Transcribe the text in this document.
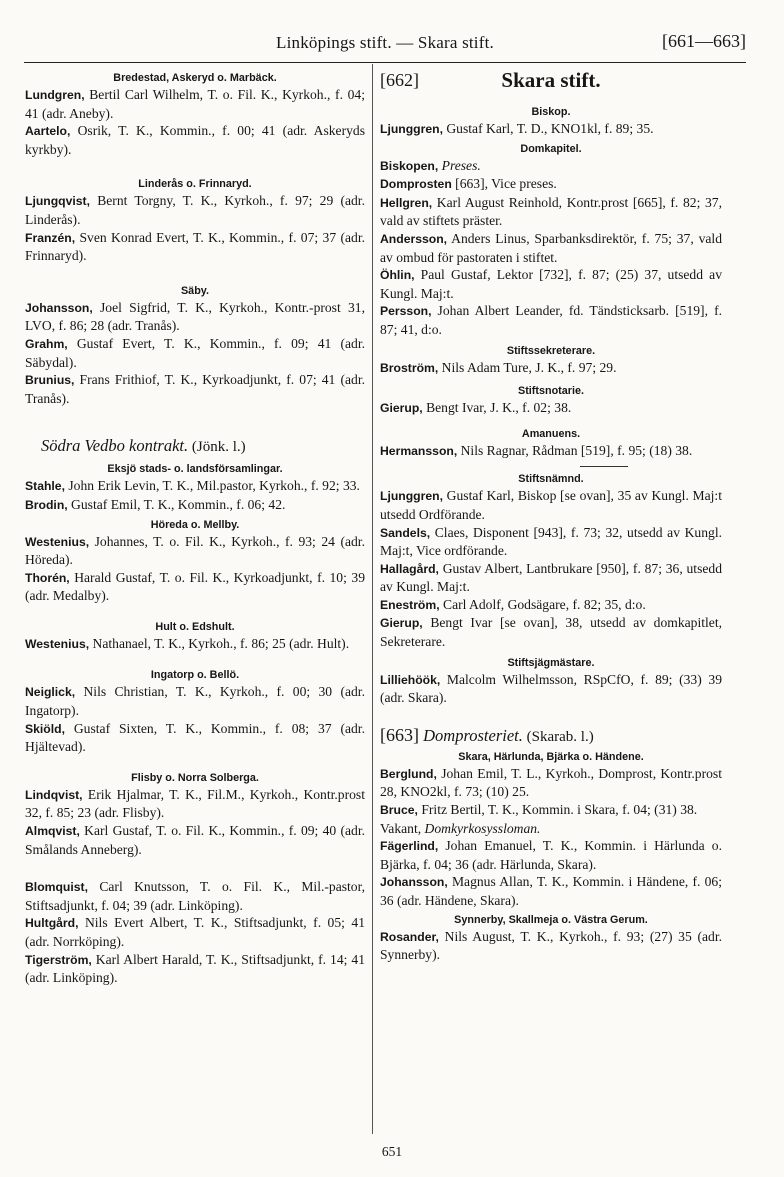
Linköpings stift. — Skara stift.	[661—663]
Bredestad, Askeryd o. Marbäck.

Lundgren, Bertil Carl Wilhelm, T. o. Fil. K., Kyrkoh., f. 04; 41 (adr. Aneby).

Aartelo, Osrik, T. K., Kommin., f. 00; 41 (adr. Askeryds kyrkby).

Linderås o. Frinnaryd.

Ljungqvist, Bernt Torgny, T. K., Kyrkoh., f. 97; 29 (adr. Linderås).

Franzén, Sven Konrad Evert, T. K., Kommin., f. 07; 37 (adr. Frinnaryd).

Säby.

Johansson, Joel Sigfrid, T. K., Kyrkoh., Kontr.-prost 31, LVO, f. 86; 28 (adr. Tranås).

Grahm, Gustaf Evert, T. K., Kommin., f. 09; 41 (adr. Säbydal).

Brunius, Frans Frithiof, T. K., Kyrkoadjunkt, f. 07; 41 (adr. Tranås).

Södra Vedbo kontrakt. (Jönk. l.)
Eksjö stads- o. landsförsamlingar.

Stahle, John Erik Levin, T. K., Mil.pastor, Kyrkoh., f. 92; 33.

Brodin, Gustaf Emil, T. K., Kommin., f. 06; 42.

Höreda o. Mellby.

Westenius, Johannes, T. o. Fil. K., Kyrkoh., f. 93; 24 (adr. Höreda).

Thorén, Harald Gustaf, T. o. Fil. K., Kyrkoadjunkt, f. 10; 39 (adr. Medalby).

Hult o. Edshult.

Westenius, Nathanael, T. K., Kyrkoh., f. 86; 25 (adr. Hult).

Ingatorp o. Bellö.

Neiglick, Nils Christian, T. K., Kyrkoh., f. 00; 30 (adr. Ingatorp).

Skiöld, Gustaf Sixten, T. K., Kommin., f. 08; 37 (adr. Hjältevad).

Flisby o. Norra Solberga.

Lindqvist, Erik Hjalmar, T. K., Fil.M., Kyrkoh., Kontr.prost 32, f. 85; 23 (adr. Flisby).

Almqvist, Karl Gustaf, T. o. Fil. K., Kommin., f. 09; 40 (adr. Smålands Anneberg).

Blomquist, Carl Knutsson, T. o. Fil. K., Mil.-pastor, Stiftsadjunkt, f. 04; 39 (adr. Linköping).

Hultgård, Nils Evert Albert, T. K., Stiftsadjunkt, f. 05; 41 (adr. Norrköping).

Tigerström, Karl Albert Harald, T. K., Stiftsadjunkt, f. 14; 41 (adr. Linköping).

[662]	Skara stift.
Biskop.

Ljunggren, Gustaf Karl, T. D., KNO1kl, f. 89; 35.

Domkapitel.

Biskopen, Preses.

Domprosten [663], Vice preses.

Hellgren, Karl August Reinhold, Kontr.prost [665], f. 82; 37, vald av stiftets präster.

Andersson, Anders Linus, Sparbanksdirektör, f. 75; 37, vald av ombud för pastoraten i stiftet.

Öhlin, Paul Gustaf, Lektor [732], f. 87; (25) 37, utsedd av Kungl. Maj:t.

Persson, Johan Albert Leander, fd. Tändsticksarb. [519], f. 87; 41, d:o.

Stiftssekreterare.

Broström, Nils Adam Ture, J. K., f. 97; 29.

Stiftsnotarie.

Gierup, Bengt Ivar, J. K., f. 02; 38.

Amanuens.

Hermansson, Nils Ragnar, Rådman [519], f. 95; (18) 38.

Stiftsnämnd.

Ljunggren, Gustaf Karl, Biskop [se ovan], 35 av Kungl. Maj:t utsedd Ordförande.

Sandels, Claes, Disponent [943], f. 73; 32, utsedd av Kungl. Maj:t, Vice ordförande.

Hallagård, Gustav Albert, Lantbrukare [950], f. 87; 36, utsedd av Kungl. Maj:t.

Eneström, Carl Adolf, Godsägare, f. 82; 35, d:o.

Gierup, Bengt Ivar [se ovan], 38, utsedd av domkapitlet, Sekreterare.

Stiftsjägmästare.

Lilliehöök, Malcolm Wilhelmsson, RSpCfO, f. 89; (33) 39 (adr. Skara).

[663] Domprosteriet. (Skarab. l.)
Skara, Härlunda, Bjärka o. Händene.

Berglund, Johan Emil, T. L., Kyrkoh., Domprost, Kontr.prost 28, KNO2kl, f. 73; (10) 25.

Bruce, Fritz Bertil, T. K., Kommin. i Skara, f. 04; (31) 38.

Vakant, Domkyrkosyssloman.

Fägerlind, Johan Emanuel, T. K., Kommin. i Härlunda o. Bjärka, f. 04; 36 (adr. Härlunda, Skara).

Johansson, Magnus Allan, T. K., Kommin. i Händene, f. 06; 36 (adr. Händene, Skara).

Synnerby, Skallmeja o. Västra Gerum.

Rosander, Nils August, T. K., Kyrkoh., f. 93; (27) 35 (adr. Synnerby).

651
